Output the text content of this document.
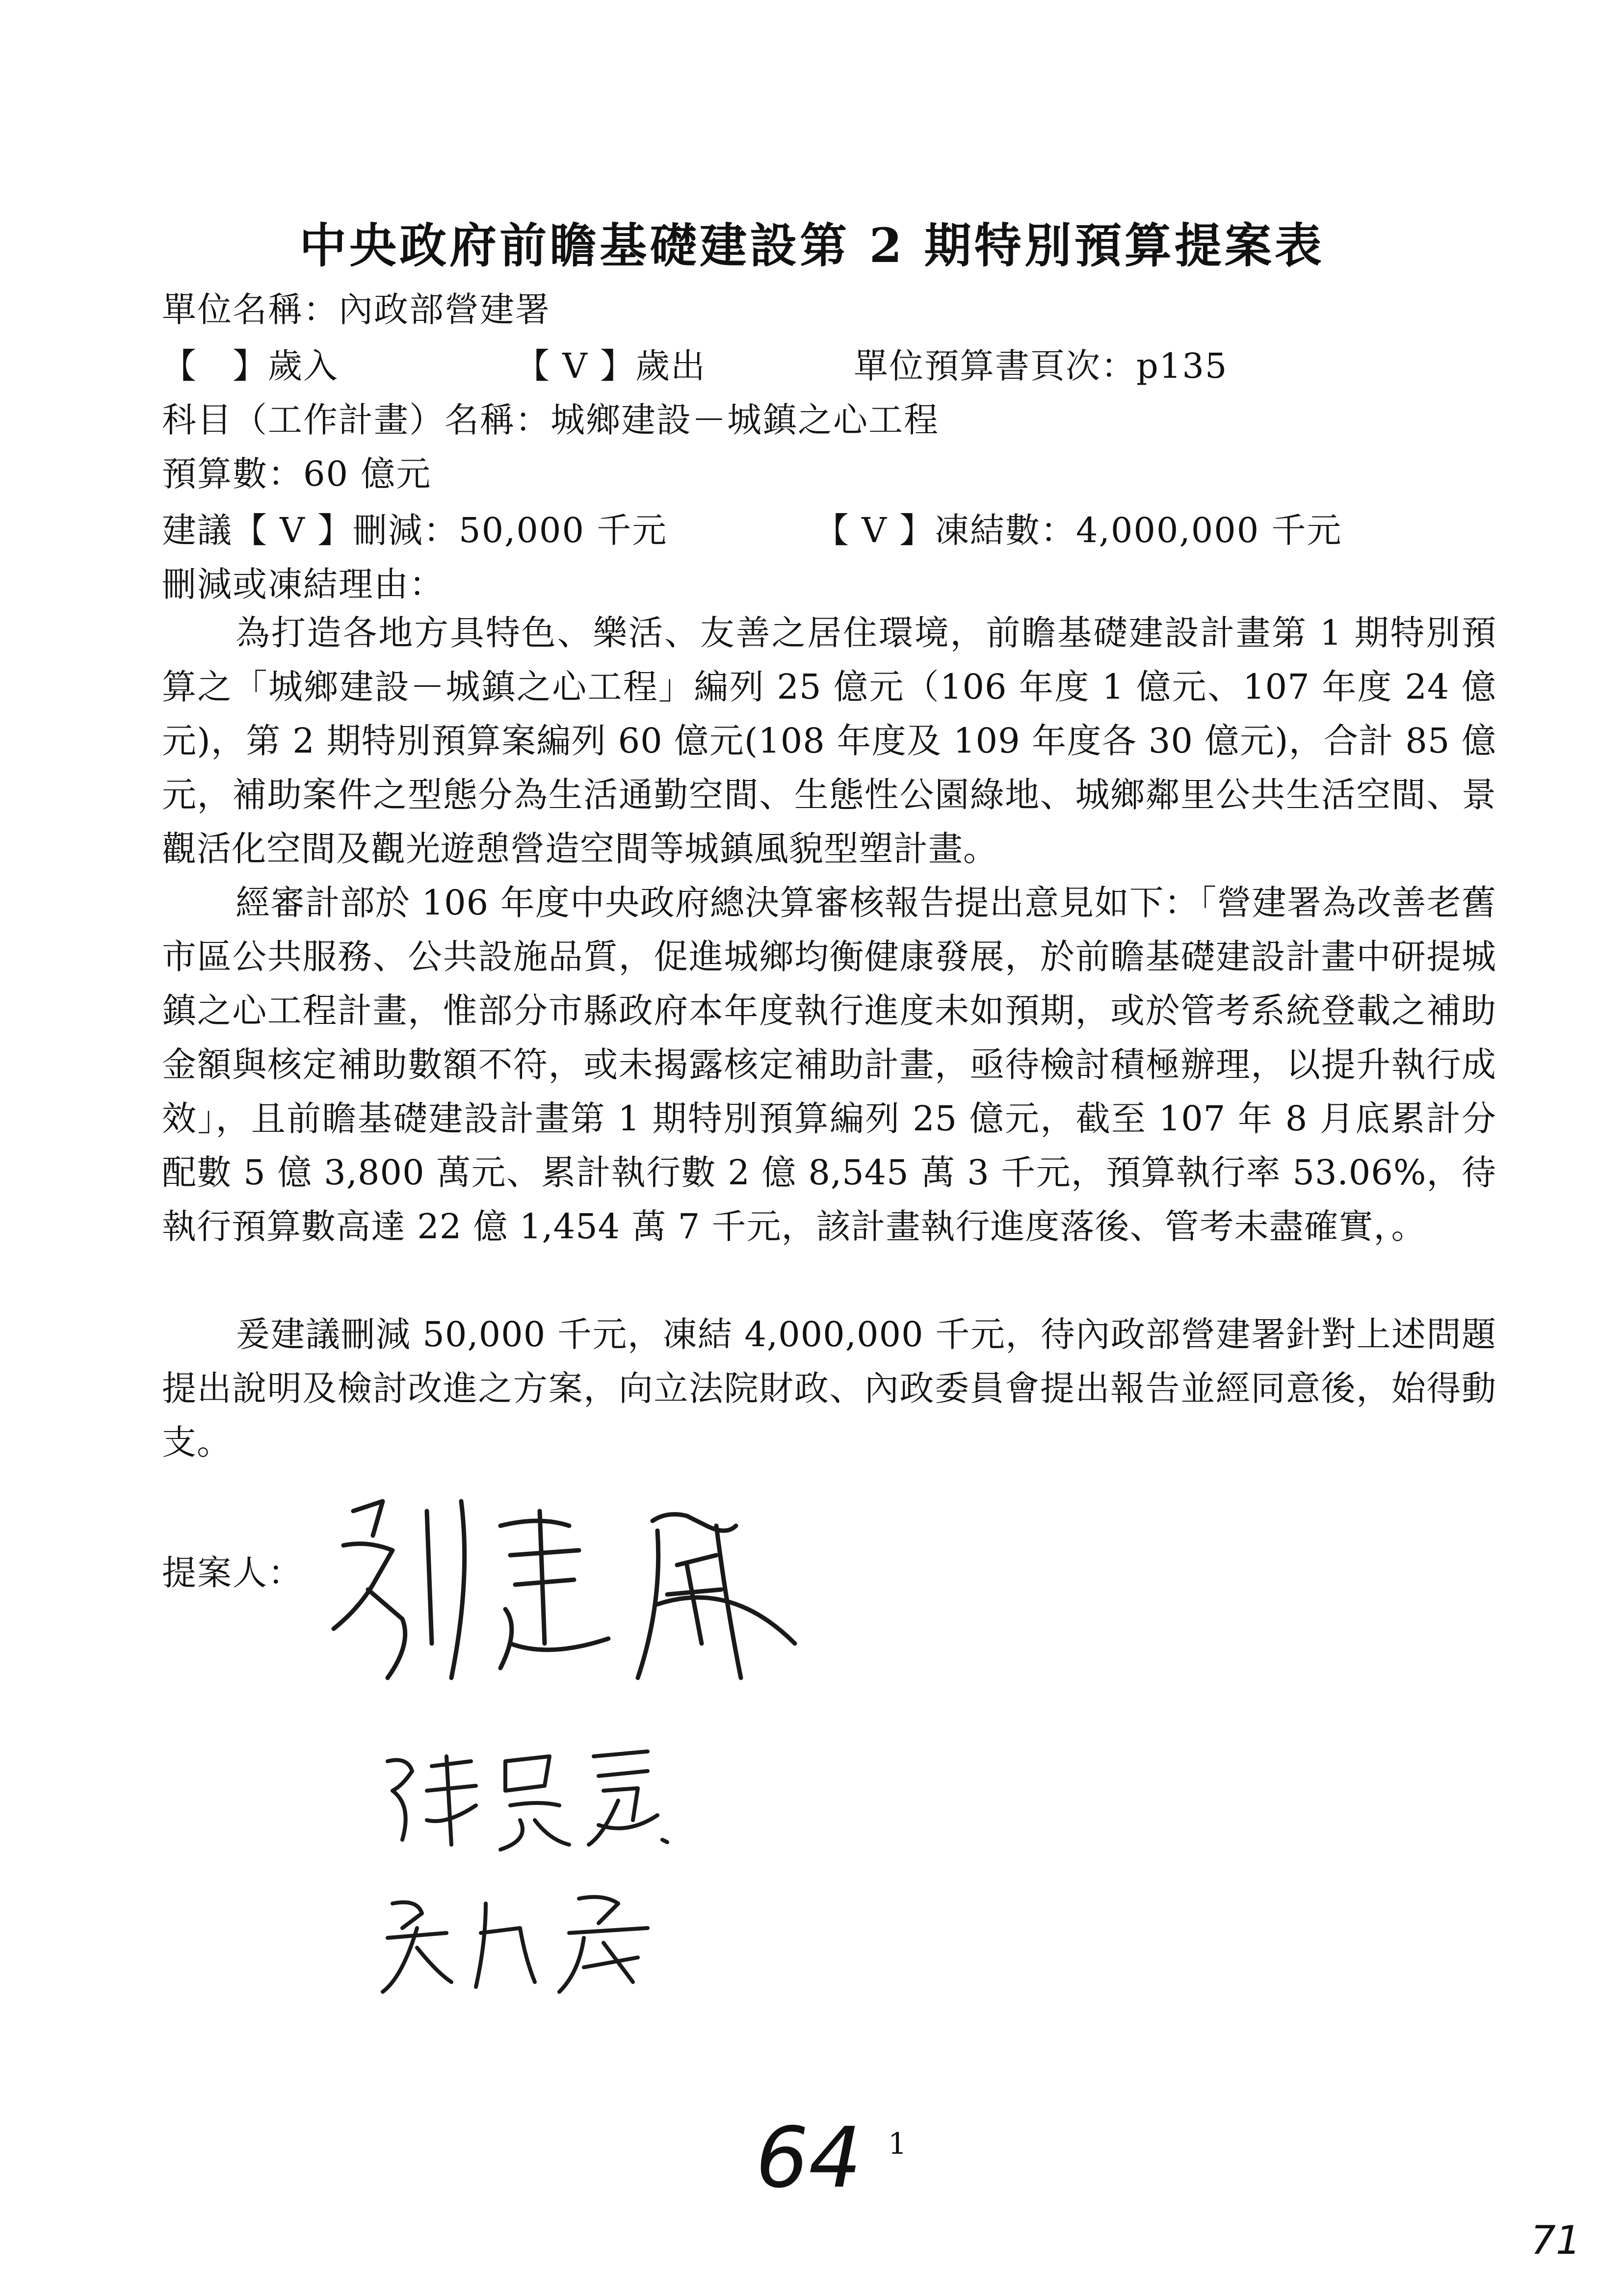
中央政府前瞻基礎建設第 2 期特別預算提案表
單位名稱：內政部營建署
【　】歲入	【 V 】歲出	單位預算書頁次：p135
科目（工作計畫）名稱：城鄉建設－城鎮之心工程
預算數：60 億元
建議【 V 】刪減：50,000 千元	【 V 】凍結數：4,000,000 千元
刪減或凍結理由：
為打造各地方具特色、樂活、友善之居住環境，前瞻基礎建設計畫第 1 期特別預算之「城鄉建設－城鎮之心工程」編列 25 億元（106 年度 1 億元、107 年度 24 億元)，第 2 期特別預算案編列 60 億元(108 年度及 109 年度各 30 億元)，合計 85 億元，補助案件之型態分為生活通勤空間、生態性公園綠地、城鄉鄰里公共生活空間、景觀活化空間及觀光遊憩營造空間等城鎮風貌型塑計畫。
經審計部於 106 年度中央政府總決算審核報告提出意見如下：「營建署為改善老舊市區公共服務、公共設施品質，促進城鄉均衡健康發展，於前瞻基礎建設計畫中研提城鎮之心工程計畫，惟部分市縣政府本年度執行進度未如預期，或於管考系統登載之補助金額與核定補助數額不符，或未揭露核定補助計畫，亟待檢討積極辦理，以提升執行成效」，且前瞻基礎建設計畫第 1 期特別預算編列 25 億元，截至 107 年 8 月底累計分配數 5 億 3,800 萬元、累計執行數 2 億 8,545 萬 3 千元，預算執行率 53.06%，待執行預算數高達 22 億 1,454 萬 7 千元，該計畫執行進度落後、管考未盡確實，。
爰建議刪減 50,000 千元，凍結 4,000,000 千元，待內政部營建署針對上述問題提出說明及檢討改進之方案，向立法院財政、內政委員會提出報告並經同意後，始得動支。
提案人：
64 1
71
